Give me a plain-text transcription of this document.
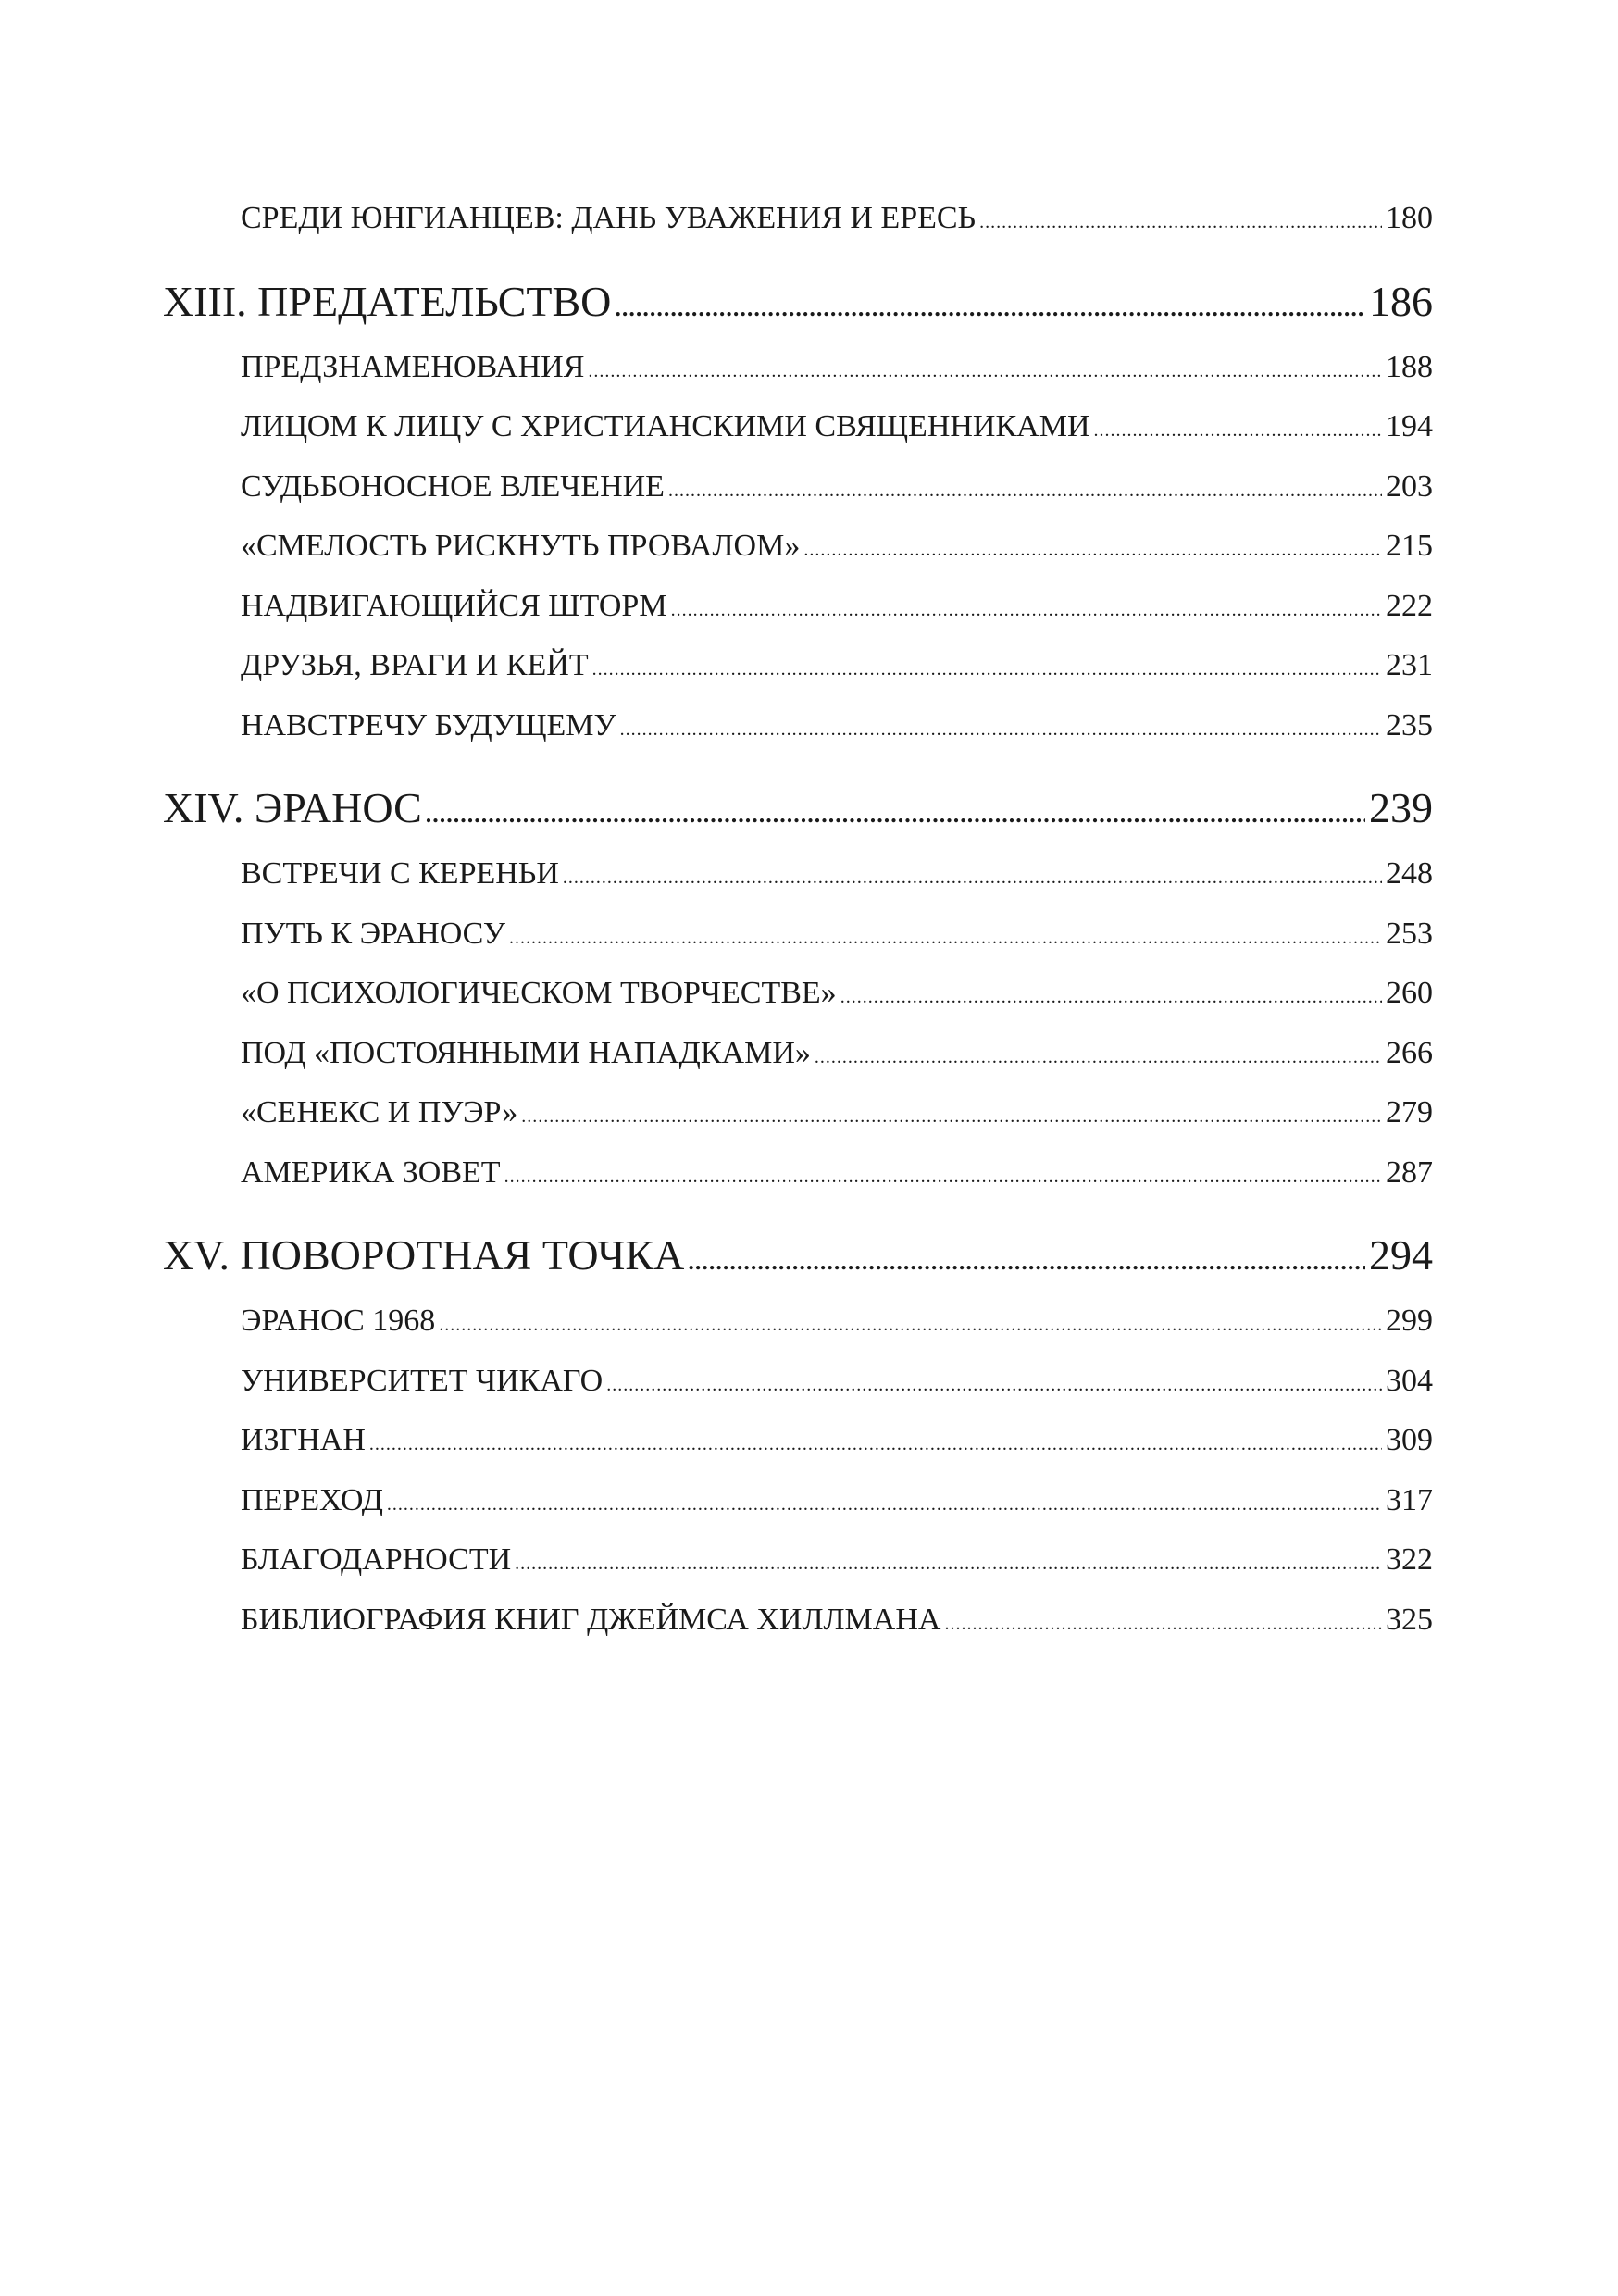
СРЕДИ ЮНГИАНЦЕВ: ДАНЬ УВАЖЕНИЯ И ЕРЕСЬ .....	180
XIII. ПРЕДАТЕЛЬСТВО .....	186
ПРЕДЗНАМЕНОВАНИЯ .....	188
ЛИЦОМ К ЛИЦУ С ХРИСТИАНСКИМИ СВЯЩЕННИКАМИ .....	194
СУДЬБОНОСНОЕ ВЛЕЧЕНИЕ .....	203
«СМЕЛОСТЬ РИСКНУТЬ ПРОВАЛОМ» .....	215
НАДВИГАЮЩИЙСЯ ШТОРМ .....	222
ДРУЗЬЯ, ВРАГИ И КЕЙТ .....	231
НАВСТРЕЧУ БУДУЩЕМУ .....	235
XIV. ЭРАНОС .....	239
ВСТРЕЧИ С КЕРЕНЬИ .....	248
ПУТЬ К ЭРАНОСУ .....	253
«О ПСИХОЛОГИЧЕСКОМ ТВОРЧЕСТВЕ» .....	260
ПОД «ПОСТОЯННЫМИ НАПАДКАМИ» .....	266
«СЕНЕКС И ПУЭР» .....	279
АМЕРИКА ЗОВЕТ .....	287
XV. ПОВОРОТНАЯ ТОЧКА .....	294
ЭРАНОС 1968 .....	299
УНИВЕРСИТЕТ ЧИКАГО .....	304
ИЗГНАН .....	309
ПЕРЕХОД .....	317
БЛАГОДАРНОСТИ .....	322
БИБЛИОГРАФИЯ КНИГ ДЖЕЙМСА ХИЛЛМАНА .....	325
